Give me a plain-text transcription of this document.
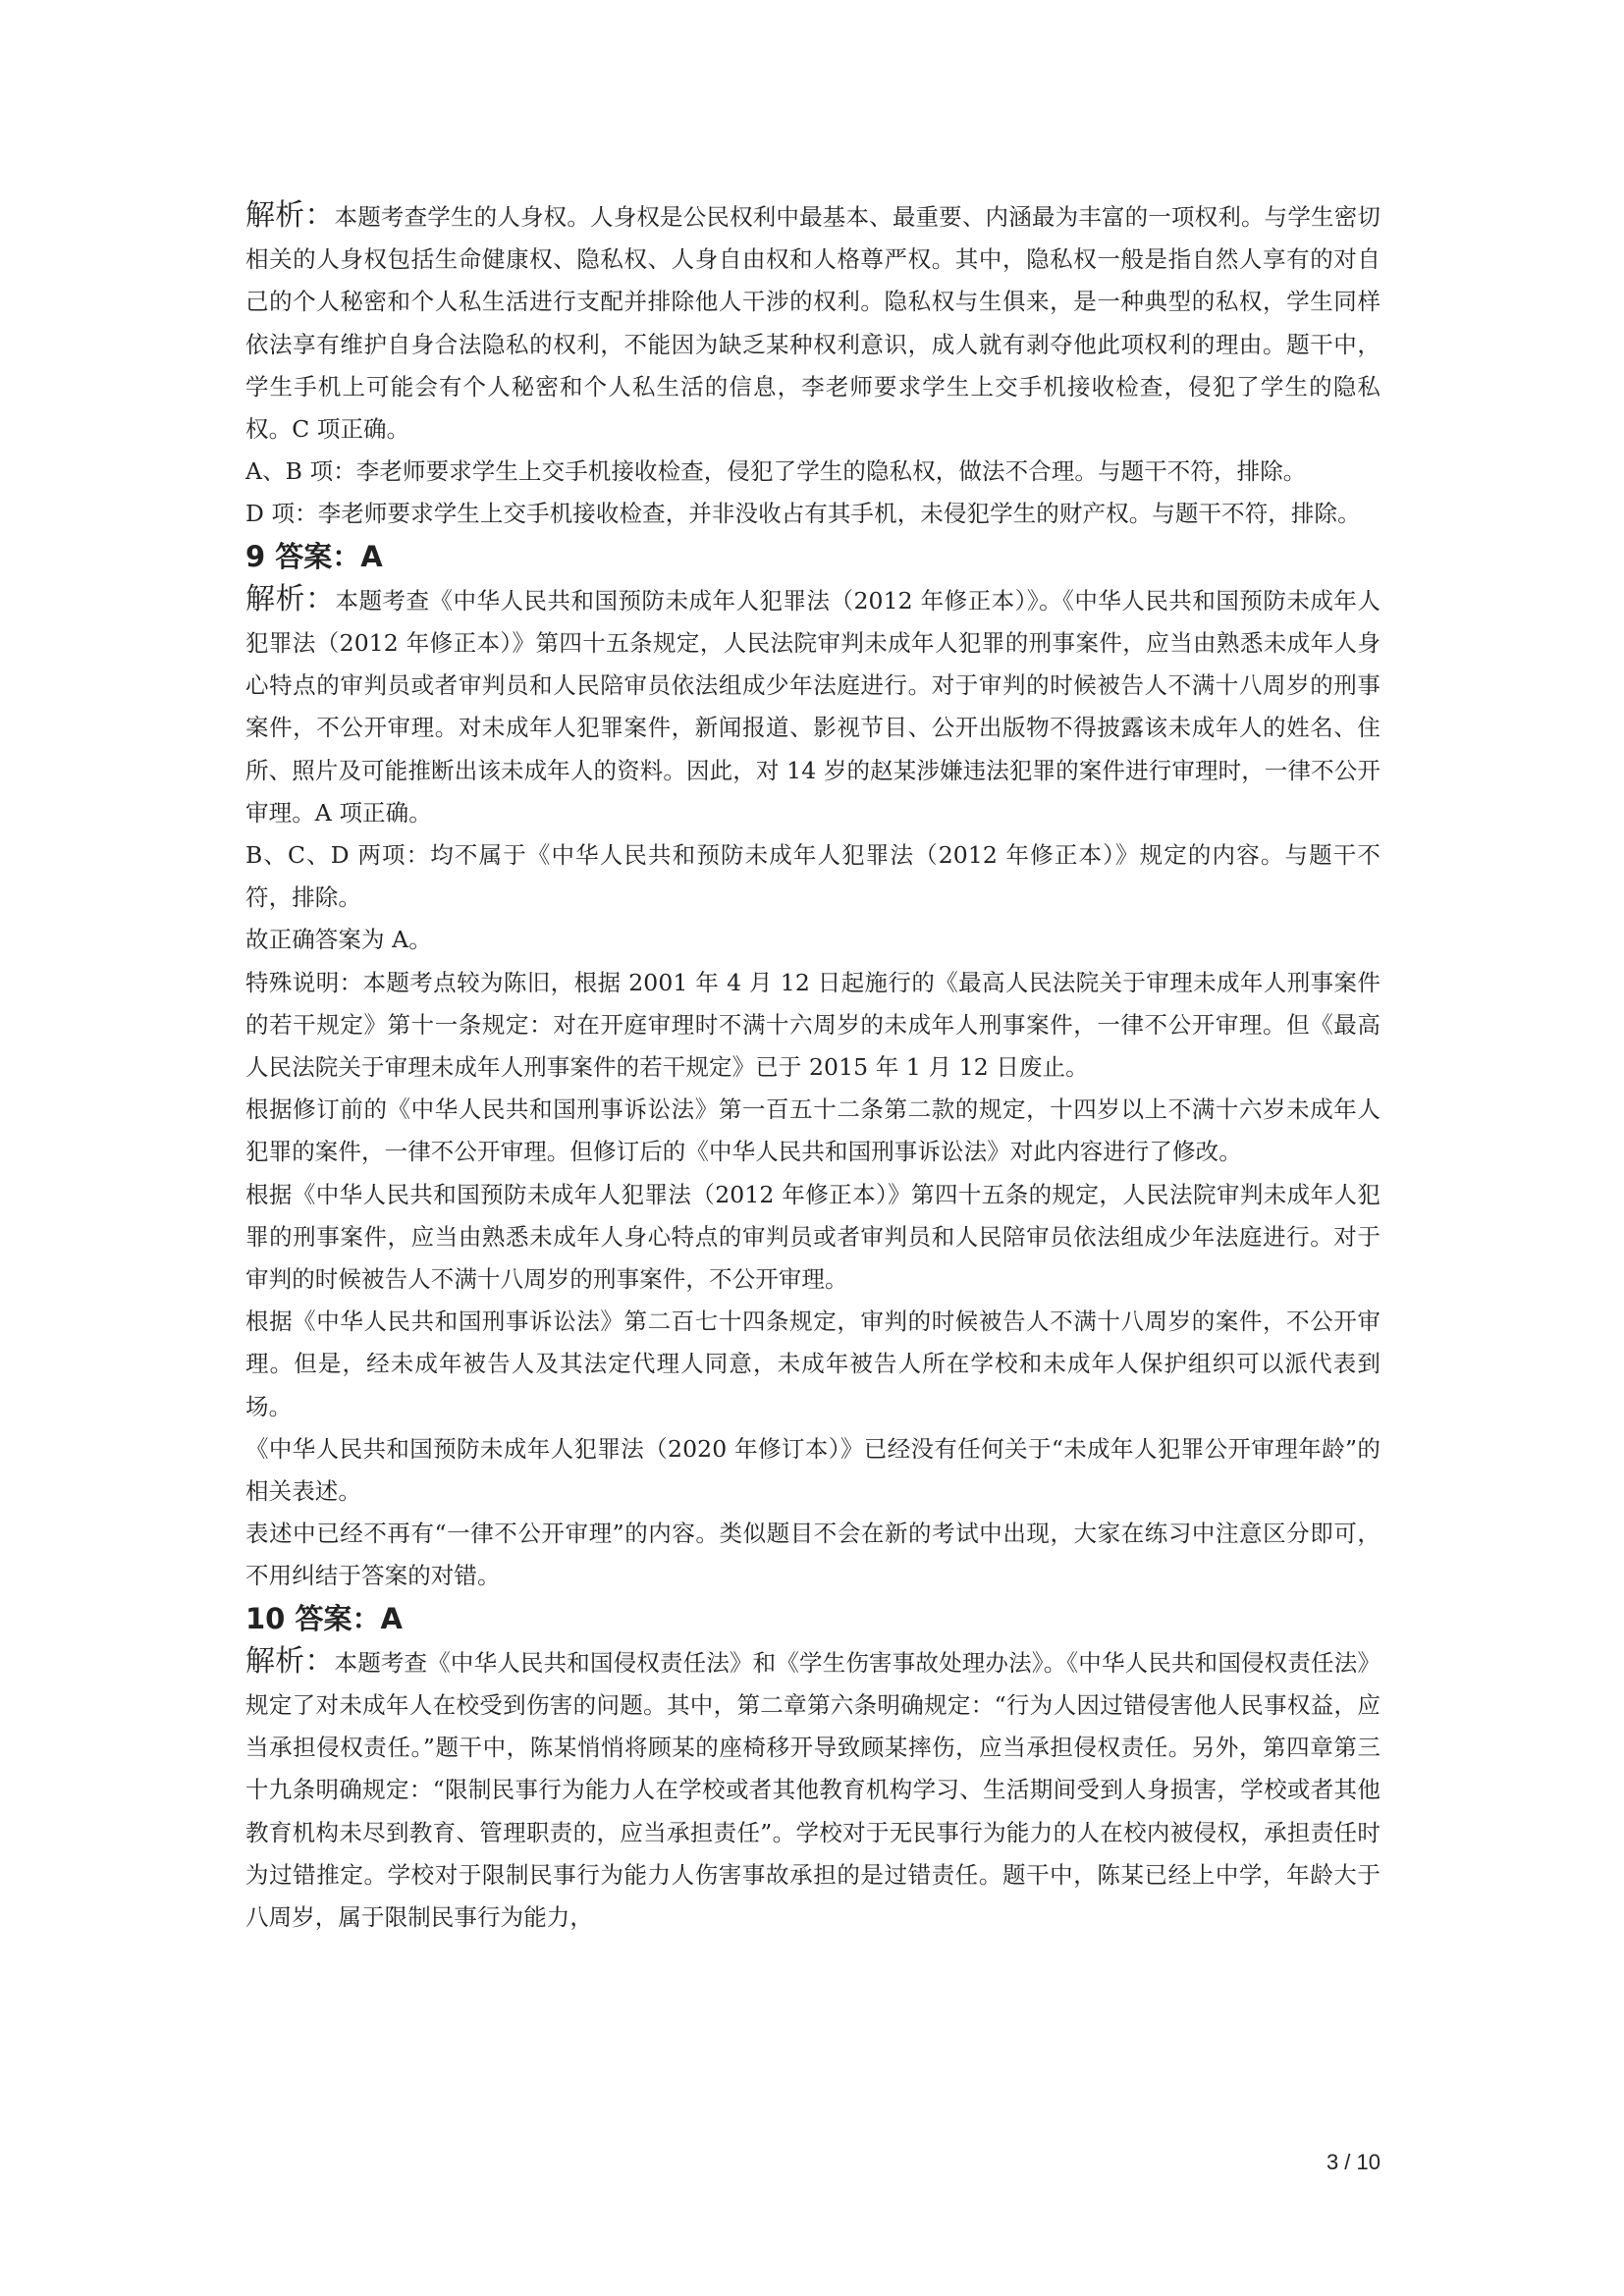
解析：本题考查学生的人身权。人身权是公民权利中最基本、最重要、内涵最为丰富的一项权利。与学生密切相关的人身权包括生命健康权、隐私权、人身自由权和人格尊严权。其中，隐私权一般是指自然人享有的对自己的个人秘密和个人私生活进行支配并排除他人干涉的权利。隐私权与生俱来，是一种典型的私权，学生同样依法享有维护自身合法隐私的权利，不能因为缺乏某种权利意识，成人就有剥夺他此项权利的理由。题干中，学生手机上可能会有个人秘密和个人私生活的信息，李老师要求学生上交手机接收检查，侵犯了学生的隐私权。C 项正确。

A、B 项：李老师要求学生上交手机接收检查，侵犯了学生的隐私权，做法不合理。与题干不符，排除。

D 项：李老师要求学生上交手机接收检查，并非没收占有其手机，未侵犯学生的财产权。与题干不符，排除。

9 答案：A

解析：本题考查《中华人民共和国预防未成年人犯罪法（2012 年修正本）》。《中华人民共和国预防未成年人犯罪法（2012 年修正本）》第四十五条规定，人民法院审判未成年人犯罪的刑事案件，应当由熟悉未成年人身心特点的审判员或者审判员和人民陪审员依法组成少年法庭进行。对于审判的时候被告人不满十八周岁的刑事案件，不公开审理。对未成年人犯罪案件，新闻报道、影视节目、公开出版物不得披露该未成年人的姓名、住所、照片及可能推断出该未成年人的资料。因此，对 14 岁的赵某涉嫌违法犯罪的案件进行审理时，一律不公开审理。A 项正确。

B、C、D 两项：均不属于《中华人民共和预防未成年人犯罪法（2012 年修正本）》规定的内容。与题干不符，排除。

故正确答案为 A。

特殊说明：本题考点较为陈旧，根据 2001 年 4 月 12 日起施行的《最高人民法院关于审理未成年人刑事案件的若干规定》第十一条规定：对在开庭审理时不满十六周岁的未成年人刑事案件，一律不公开审理。但《最高人民法院关于审理未成年人刑事案件的若干规定》已于 2015 年 1 月 12 日废止。

根据修订前的《中华人民共和国刑事诉讼法》第一百五十二条第二款的规定，十四岁以上不满十六岁未成年人犯罪的案件，一律不公开审理。但修订后的《中华人民共和国刑事诉讼法》对此内容进行了修改。

根据《中华人民共和国预防未成年人犯罪法（2012 年修正本）》第四十五条的规定，人民法院审判未成年人犯罪的刑事案件，应当由熟悉未成年人身心特点的审判员或者审判员和人民陪审员依法组成少年法庭进行。对于审判的时候被告人不满十八周岁的刑事案件，不公开审理。

根据《中华人民共和国刑事诉讼法》第二百七十四条规定，审判的时候被告人不满十八周岁的案件，不公开审理。但是，经未成年被告人及其法定代理人同意，未成年被告人所在学校和未成年人保护组织可以派代表到场。

《中华人民共和国预防未成年人犯罪法（2020 年修订本）》已经没有任何关于“未成年人犯罪公开审理年龄”的相关表述。

表述中已经不再有“一律不公开审理”的内容。类似题目不会在新的考试中出现，大家在练习中注意区分即可，不用纠结于答案的对错。

10 答案：A

解析：本题考查《中华人民共和国侵权责任法》和《学生伤害事故处理办法》。《中华人民共和国侵权责任法》规定了对未成年人在校受到伤害的问题。其中，第二章第六条明确规定：“行为人因过错侵害他人民事权益，应当承担侵权责任。”题干中，陈某悄悄将顾某的座椅移开导致顾某摔伤，应当承担侵权责任。另外，第四章第三十九条明确规定：“限制民事行为能力人在学校或者其他教育机构学习、生活期间受到人身损害，学校或者其他教育机构未尽到教育、管理职责的，应当承担责任”。学校对于无民事行为能力的人在校内被侵权，承担责任时为过错推定。学校对于限制民事行为能力人伤害事故承担的是过错责任。题干中，陈某已经上中学，年龄大于八周岁，属于限制民事行为能力，

3 / 10
